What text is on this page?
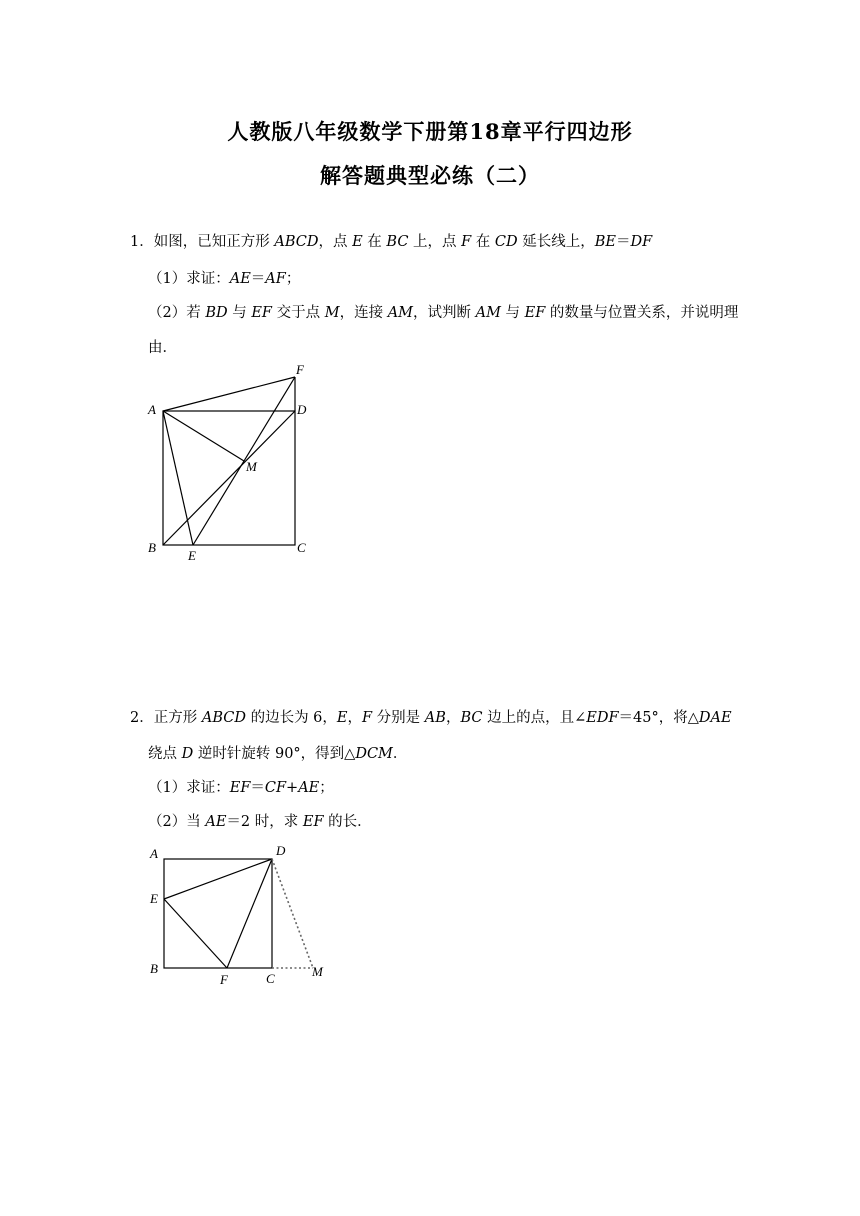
人教版八年级数学下册第18章平行四边形
解答题典型必练（二）
1．如图，已知正方形 ABCD，点 E 在 BC 上，点 F 在 CD 延长线上，BE＝DF
（1）求证：AE＝AF；
（2）若 BD 与 EF 交于点 M，连接 AM，试判断 AM 与 EF 的数量与位置关系，并说明理
由．
A
B	C
D
E
F
M
2．正方形 ABCD 的边长为 6，E，F 分别是 AB，BC 边上的点，且∠EDF＝45°，将△DAE
绕点 D 逆时针旋转 90°，得到△DCM．
（1）求证：EF＝CF+AE；
（2）当 AE＝2 时，求 EF 的长．
A
B
C
D
E
F
M
